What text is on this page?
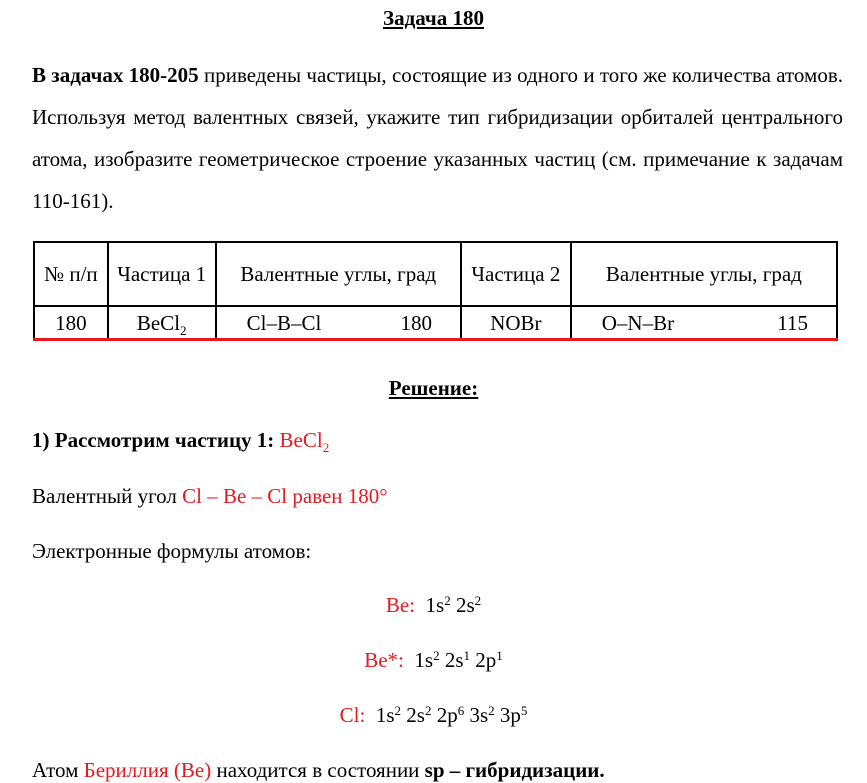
Задача 180
В задачах 180-205 приведены частицы, состоящие из одного и того же количества атомов. Используя метод валентных связей, укажите тип гибридизации орбиталей центрального атома, изобразите геометрическое строение указанных частиц (см. примечание к задачам 110-161).
№ п/п	Частица 1	Валентные углы, град	Частица 2	Валентные углы, град
180	BeCl$_2$	Cl–B–Cl 180	NOBr	O–N–Br 115
Решение:
1) Рассмотрим частицу 1: BeCl$_2$
Валентный угол Cl – Be – Cl равен 180°
Электронные формулы атомов:
Be: $1s^2$ $2s^2$
Be*: $1s^2$ $2s^1$ $2p^1$
Cl: $1s^2$ $2s^2$ $2p^6$ $3s^2$ $3p^5$
Атом Бериллия (Be) находится в состоянии sp – гибридизации.
